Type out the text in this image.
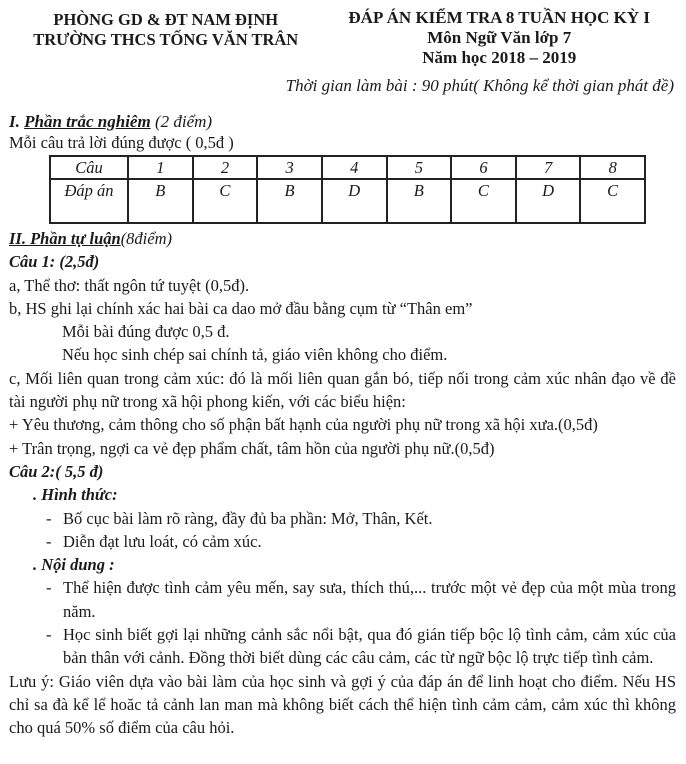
PHÒNG GD & ĐT NAM ĐỊNH
TRƯỜNG THCS TỐNG VĂN TRÂN
ĐÁP ÁN KIỂM TRA 8 TUẦN HỌC KỲ I
Môn Ngữ Văn lớp 7
Năm học 2018 – 2019
Thời gian làm bài : 90 phút( Không kể thời gian phát đề)
I. Phần trắc nghiêm (2 điểm)
Mỗi câu trả lời đúng được ( 0,5đ )
Câu	1	2	3	4	5	6	7	8
Đáp án	B	C	B	D	B	C	D	C
II. Phần tự luận(8điểm)
Câu 1: (2,5đ)

a, Thể thơ: thất ngôn tứ tuyệt (0,5đ).

b, HS ghi lại chính xác hai bài ca dao mở đầu bằng cụm từ “Thân em”

Mỗi bài đúng được 0,5 đ.

Nếu học sinh chép sai chính tả, giáo viên không cho điểm.

c, Mối liên quan trong cảm xúc: đó là mối liên quan gắn bó, tiếp nối trong cảm xúc nhân đạo về đề tài người phụ nữ trong xã hội phong kiến, với các biểu hiện:

+ Yêu thương, cảm thông cho số phận bất hạnh của người phụ nữ trong xã hội xưa.(0,5đ)

+ Trân trọng, ngợi ca vẻ đẹp phẩm chất, tâm hồn của người phụ nữ.(0,5đ)

Câu 2:( 5,5 đ)
. Hình thức:
- Bố cục bài làm rõ ràng, đầy đủ ba phần: Mở, Thân, Kết.
- Diễn đạt lưu loát, có cảm xúc.
. Nội dung :
- Thể hiện được tình cảm yêu mến, say sưa, thích thú,... trước một vẻ đẹp của một mùa trong năm.
- Học sinh biết gợi lại những cảnh sắc nổi bật, qua đó gián tiếp bộc lộ tình cảm, cảm xúc của bản thân với cảnh. Đồng thời biết dùng các câu cảm, các từ ngữ bộc lộ trực tiếp tình cảm.

Lưu ý: Giáo viên dựa vào bài làm của học sinh và gợi ý của đáp án để linh hoạt cho điểm. Nếu HS chỉ sa đà kể lể hoăc tả cảnh lan man mà không biết cách thể hiện tình cảm cảm, cảm xúc thì không cho quá 50% số điểm của câu hỏi.
